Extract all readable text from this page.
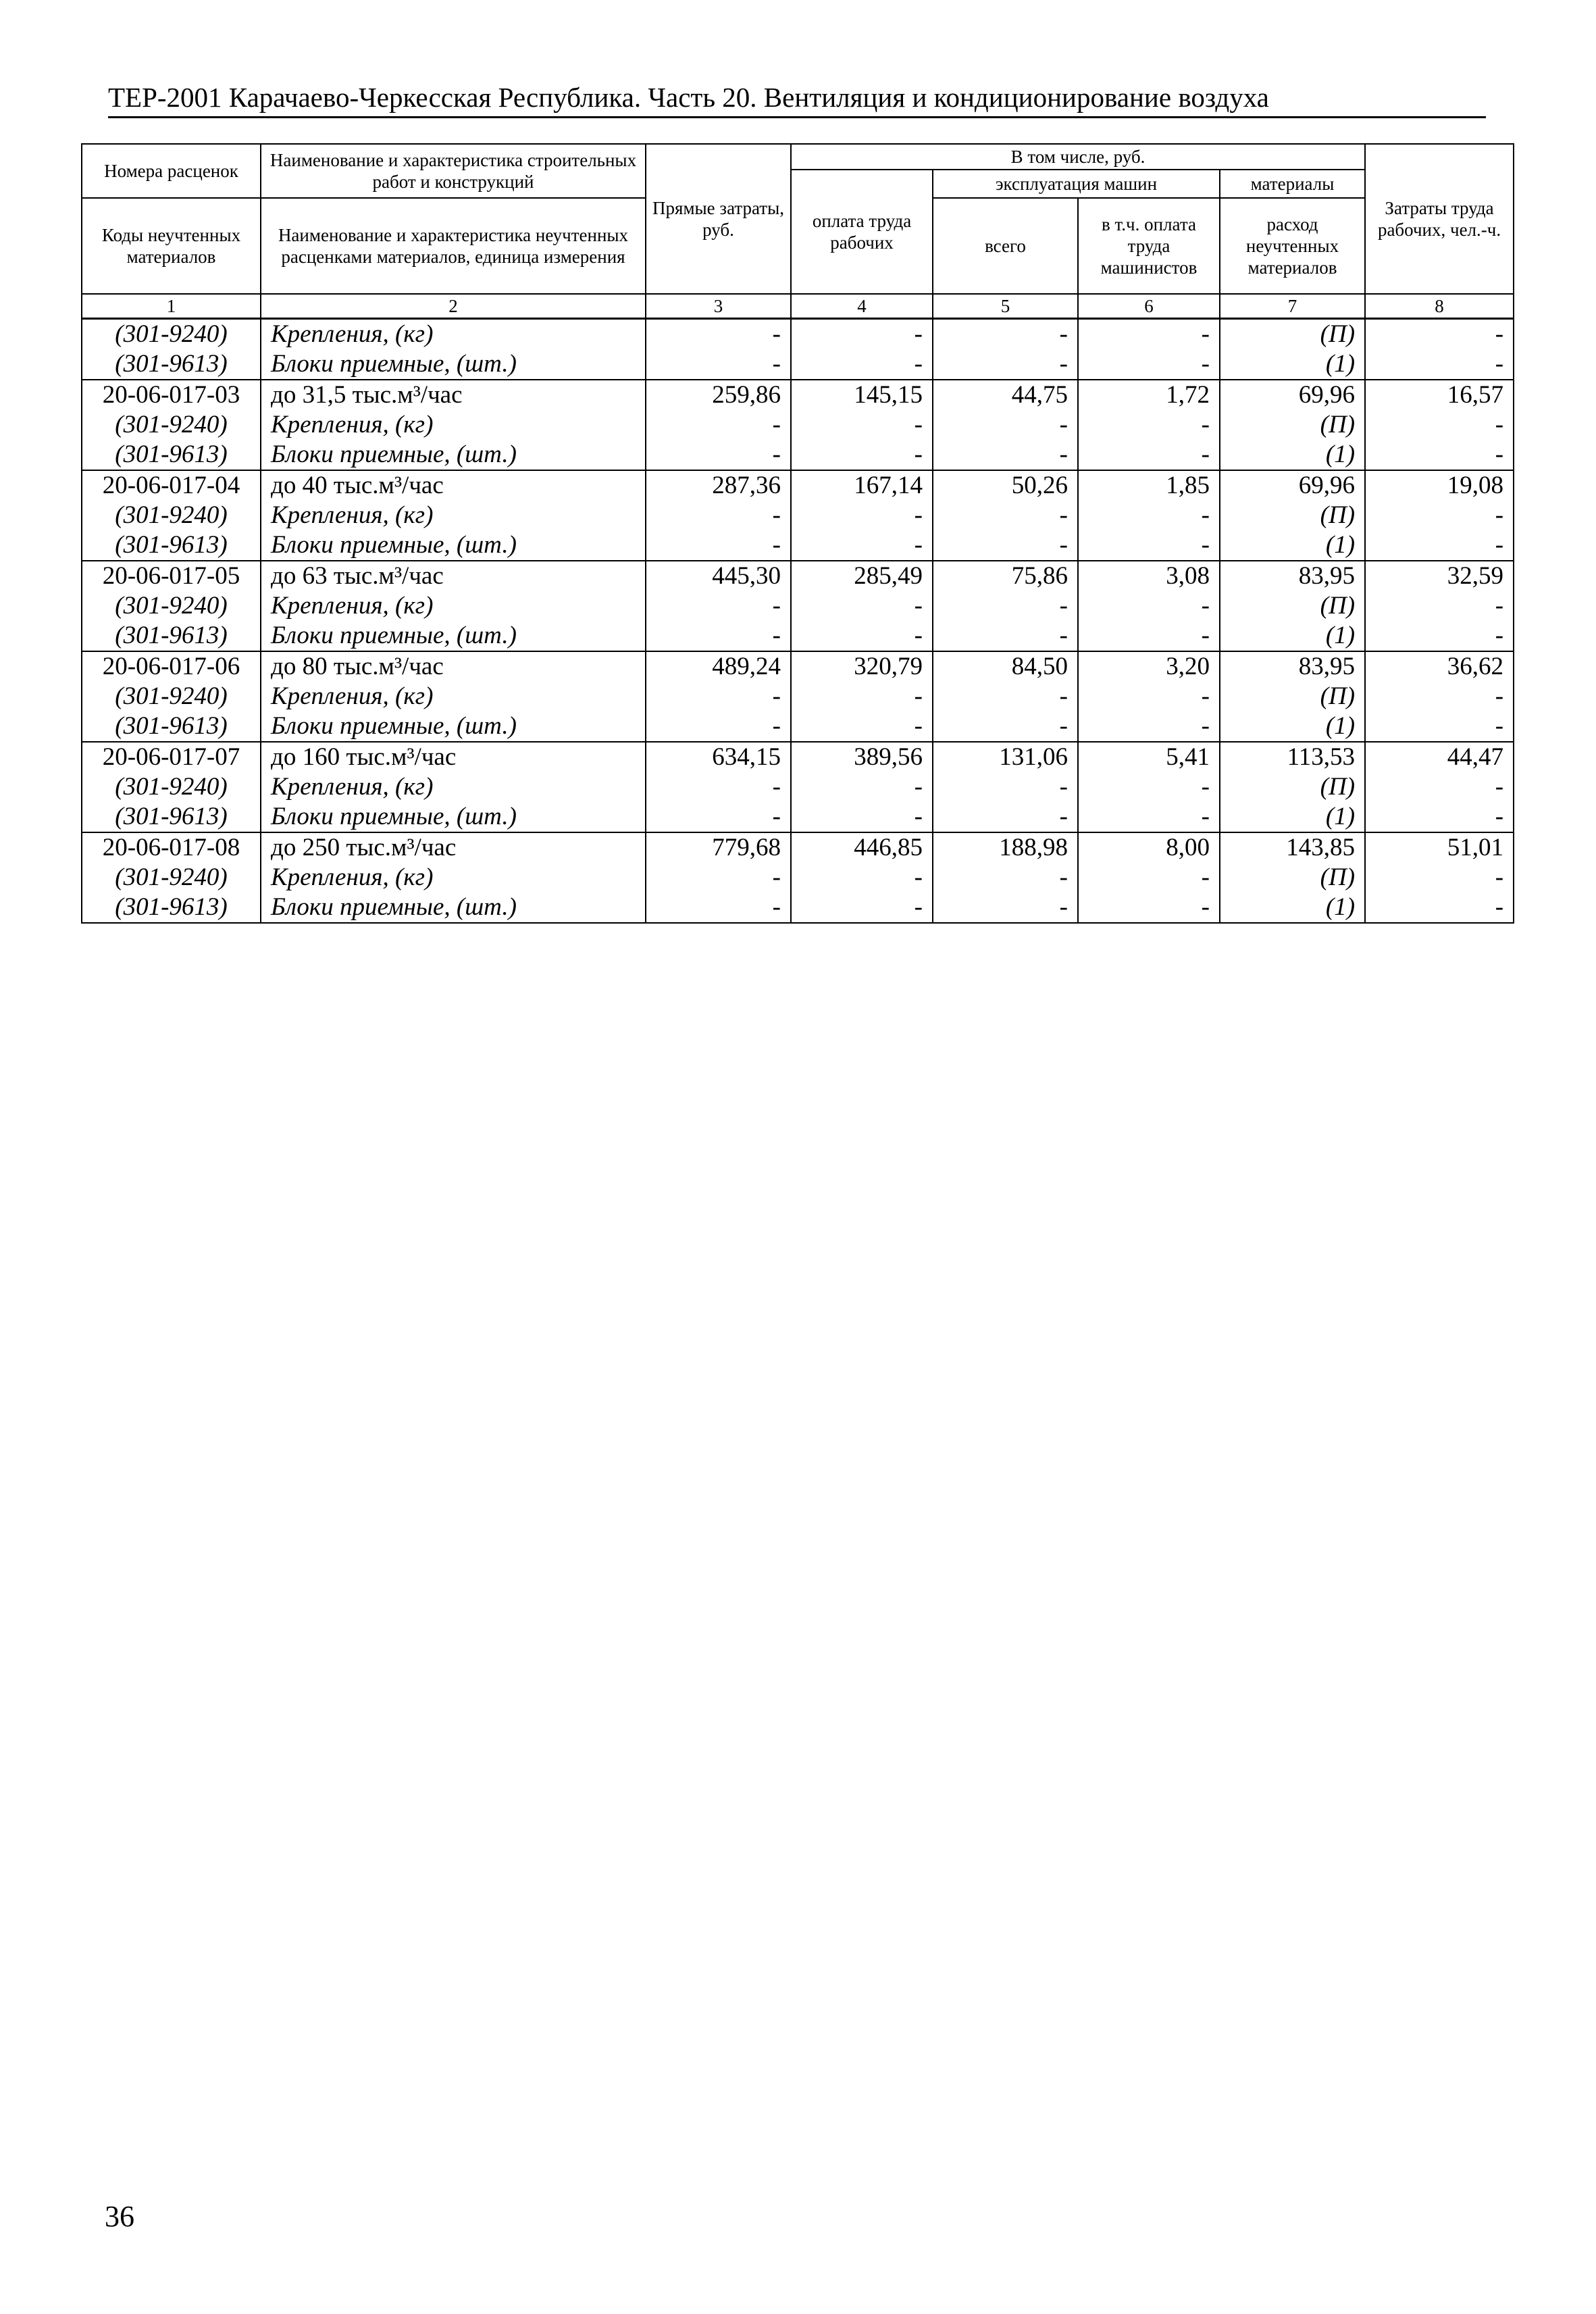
ТЕР-2001 Карачаево-Черкесская Республика. Часть 20. Вентиляция и кондиционирование воздуха
Номера расценок	Наименование и характеристика строительных работ и конструкций	Прямые затраты, руб.	В том числе, руб.				Затраты труда рабочих, чел.-ч.
			оплата труда рабочих	эксплуатация машин		материалы	
Коды неучтенных материалов	Наименование и характеристика неучтенных расценками материалов, единица измерения			всего	в т.ч. оплата труда машинистов	расход неучтенных материалов	

1	2	3	4	5	6	7	8
(301-9240)	Крепления, (кг)	-	-	-	-	(П)	-
(301-9613)	Блоки приемные, (шт.)	-	-	-	-	(1)	-
20-06-017-03	до 31,5 тыс.м³/час	259,86	145,15	44,75	1,72	69,96	16,57
(301-9240)	Крепления, (кг)	-	-	-	-	(П)	-
(301-9613)	Блоки приемные, (шт.)	-	-	-	-	(1)	-
20-06-017-04	до 40 тыс.м³/час	287,36	167,14	50,26	1,85	69,96	19,08
(301-9240)	Крепления, (кг)	-	-	-	-	(П)	-
(301-9613)	Блоки приемные, (шт.)	-	-	-	-	(1)	-
20-06-017-05	до 63 тыс.м³/час	445,30	285,49	75,86	3,08	83,95	32,59
(301-9240)	Крепления, (кг)	-	-	-	-	(П)	-
(301-9613)	Блоки приемные, (шт.)	-	-	-	-	(1)	-
20-06-017-06	до 80 тыс.м³/час	489,24	320,79	84,50	3,20	83,95	36,62
(301-9240)	Крепления, (кг)	-	-	-	-	(П)	-
(301-9613)	Блоки приемные, (шт.)	-	-	-	-	(1)	-
20-06-017-07	до 160 тыс.м³/час	634,15	389,56	131,06	5,41	113,53	44,47
(301-9240)	Крепления, (кг)	-	-	-	-	(П)	-
(301-9613)	Блоки приемные, (шт.)	-	-	-	-	(1)	-
20-06-017-08	до 250 тыс.м³/час	779,68	446,85	188,98	8,00	143,85	51,01
(301-9240)	Крепления, (кг)	-	-	-	-	(П)	-
(301-9613)	Блоки приемные, (шт.)	-	-	-	-	(1)	-
36
